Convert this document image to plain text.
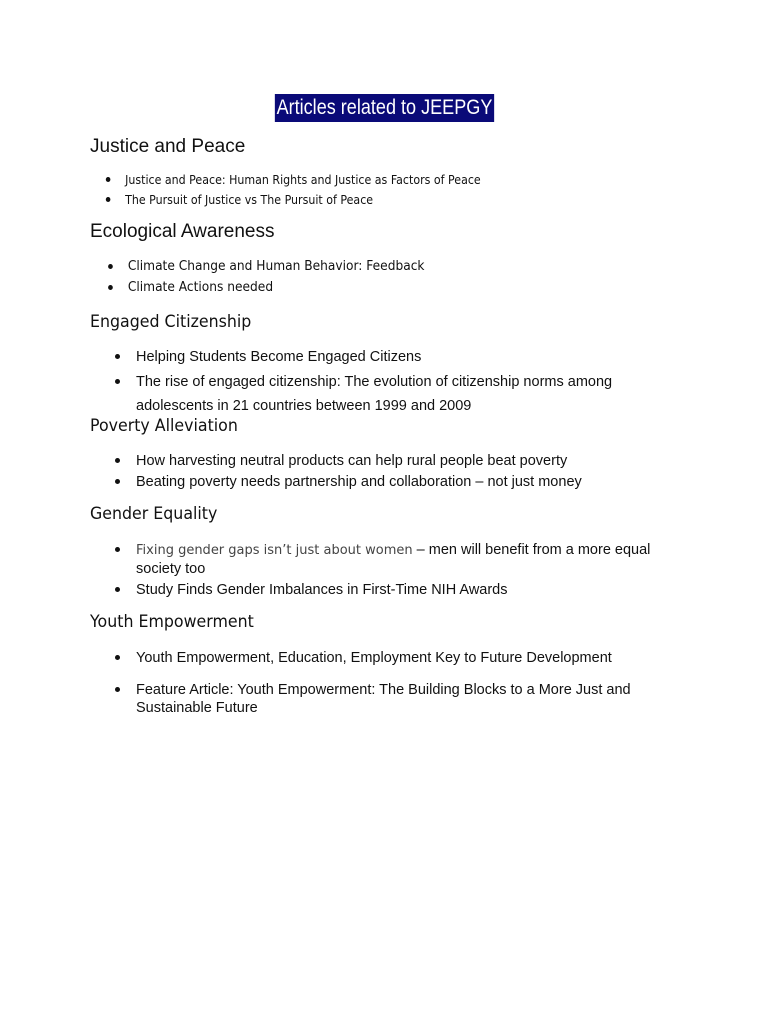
Articles related to JEEPGY
Justice and Peace
Justice and Peace: Human Rights and Justice as Factors of Peace
The Pursuit of Justice vs The Pursuit of Peace
Ecological Awareness
Climate Change and Human Behavior: Feedback
Climate Actions needed
Engaged Citizenship
Helping Students Become Engaged Citizens
The rise of engaged citizenship: The evolution of citizenship norms among adolescents in 21 countries between 1999 and 2009
Poverty Alleviation
How harvesting neutral products can help rural people beat poverty
Beating poverty needs partnership and collaboration – not just money
Gender Equality
Fixing gender gaps isn’t just about women – men will benefit from a more equal society too
Study Finds Gender Imbalances in First-Time NIH Awards
Youth Empowerment
Youth Empowerment, Education, Employment Key to Future Development
Feature Article: Youth Empowerment: The Building Blocks to a More Just and Sustainable Future
